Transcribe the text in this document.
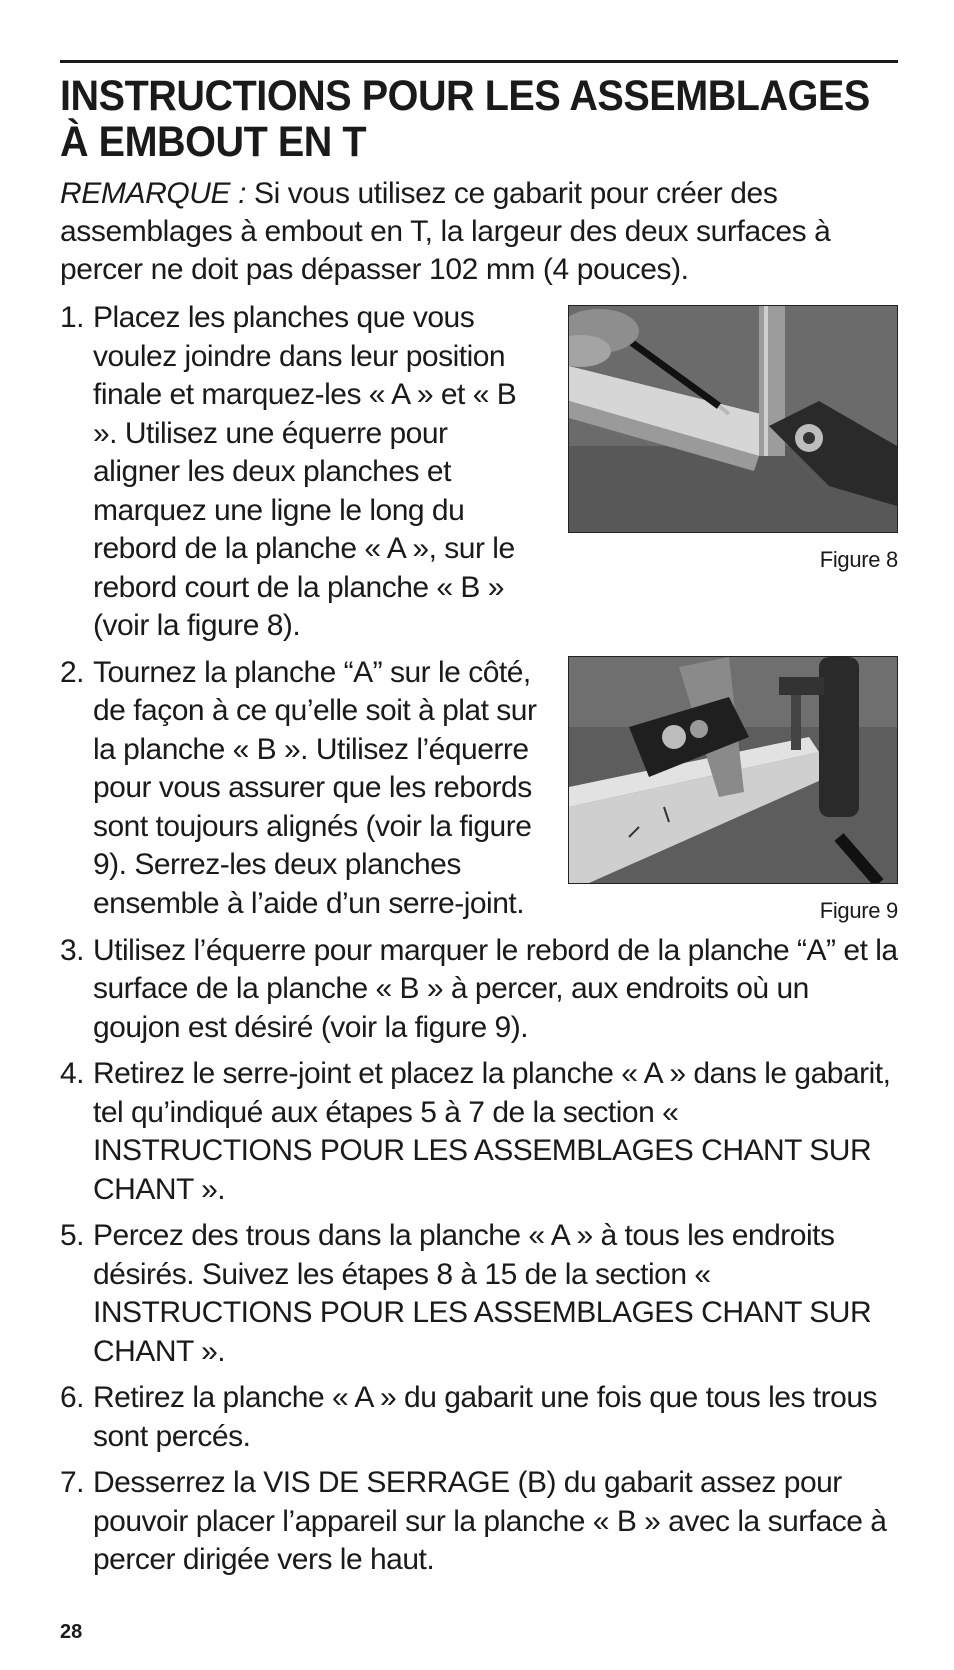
INSTRUCTIONS POUR LES ASSEMBLAGES À EMBOUT EN T

REMARQUE : Si vous utilisez ce gabarit pour créer des assemblages à embout en T, la largeur des deux surfaces à percer ne doit pas dépasser 102 mm (4 pouces).

1. Placez les planches que vous voulez joindre dans leur position finale et marquez-les « A » et « B ». Utilisez une équerre pour aligner les deux planches et marquez une ligne le long du rebord de la planche « A », sur le rebord court de la planche « B » (voir la figure 8).
Figure 8
2. Tournez la planche “A” sur le côté, de façon à ce qu’elle soit à plat sur la planche « B ». Utilisez l’équerre pour vous assurer que les rebords sont toujours alignés (voir la figure 9). Serrez-les deux planches ensemble à l’aide d’un serre-joint.	Figure 9
3. Utilisez l’équerre pour marquer le rebord de la planche “A” et la surface de la planche « B » à percer, aux endroits où un goujon est désiré (voir la figure 9).
4. Retirez le serre-joint et placez la planche « A » dans le gabarit, tel qu’indiqué aux étapes 5 à 7 de la section « INSTRUCTIONS POUR LES ASSEMBLAGES CHANT SUR CHANT ».
5. Percez des trous dans la planche « A » à tous les endroits désirés. Suivez les étapes 8 à 15 de la section « INSTRUCTIONS POUR LES ASSEMBLAGES CHANT SUR CHANT ».
6. Retirez la planche « A » du gabarit une fois que tous les trous sont percés.
7. Desserrez la VIS DE SERRAGE (B) du gabarit assez pour pouvoir placer l’appareil sur la planche « B » avec la surface à percer dirigée vers le haut.
28
